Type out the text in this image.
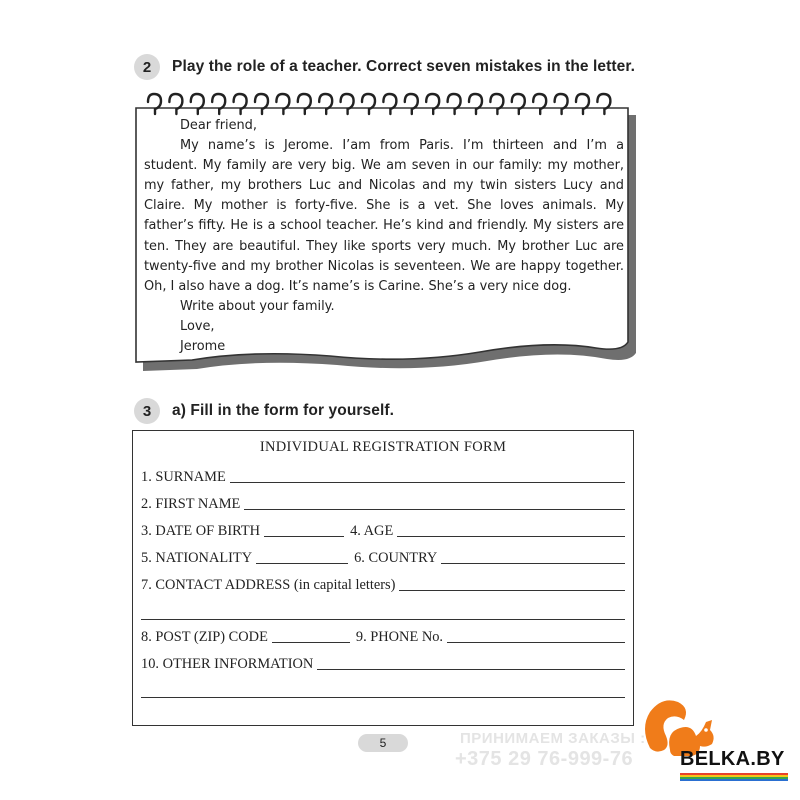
2	Play the role of a teacher. Correct seven mistakes in the letter.

Dear friend,

My name’s is Jerome. I’am from Paris. I’m thirteen and I’m a student. My family are very big. We am seven in our family: my mother, my father, my brothers Luc and Nicolas and my twin sisters Lucy and Claire. My mother is forty-five. She is a vet. She loves animals. My father’s fifty. He is a school teacher. He’s kind and friendly. My sisters are ten. They are beautiful. They like sports very much. My brother Luc are twenty-five and my brother Nicolas is seventeen. We are happy together. Oh, I also have a dog. It’s name’s is Carine. She’s a very nice dog.

Write about your family.

Love,

Jerome

3	a) Fill in the form for yourself.
INDIVIDUAL REGISTRATION FORM
1. SURNAME
2. FIRST NAME
3. DATE OF BIRTH	4. AGE
5. NATIONALITY	6. COUNTRY
7. CONTACT ADDRESS ( in capital letters)
8. POST (ZIP) CODE	9. PHONE No.
10. OTHER INFORMATION
5	ПРИНИМАЕМ ЗАКАЗЫ :
+375 29 76-999-76 BELKA.BY
